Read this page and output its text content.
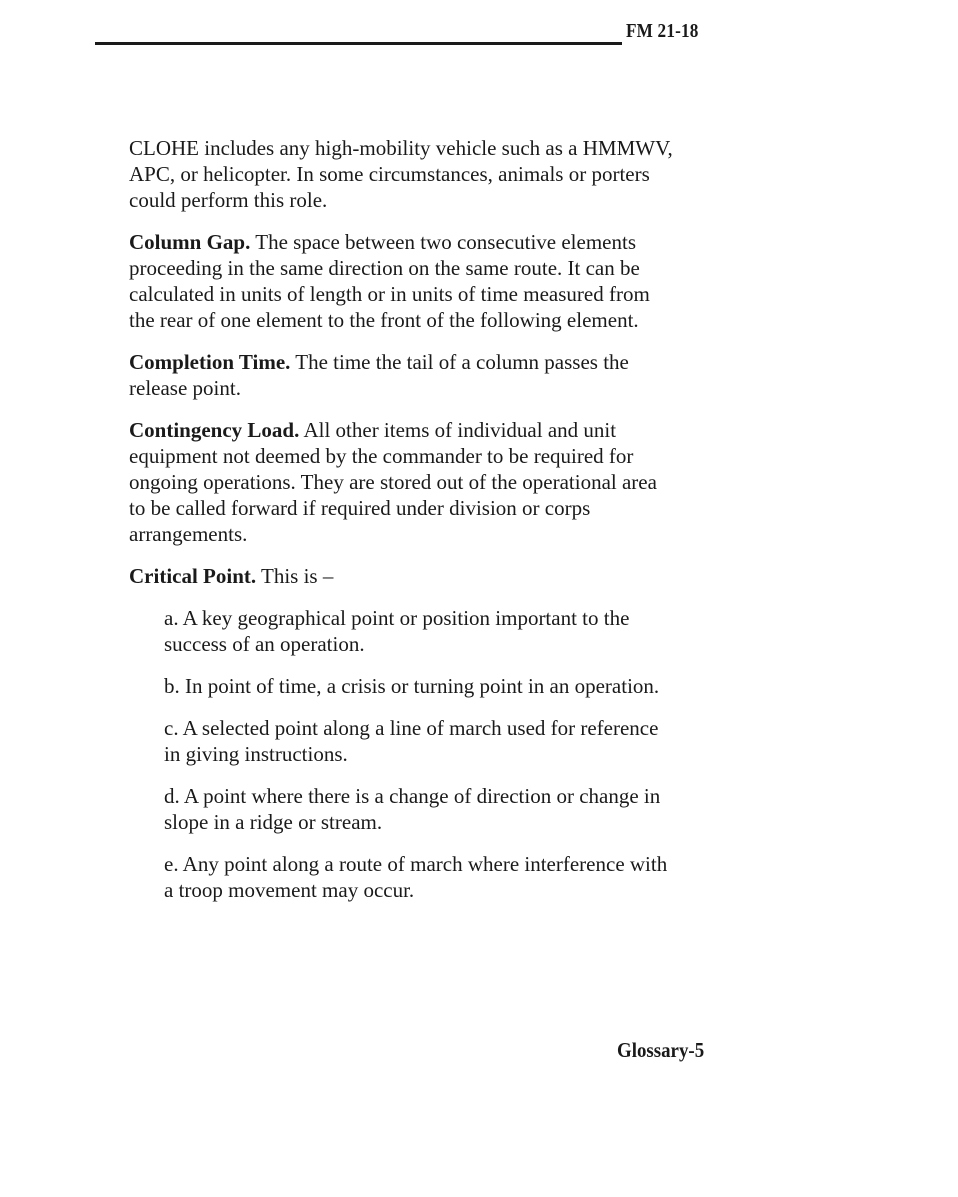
FM 21-18

CLOHE includes any high-mobility vehicle such as a HMMWV, APC, or helicopter. In some circumstances, animals or porters could perform this role.

Column Gap. The space between two consecutive elements proceeding in the same direction on the same route. It can be calculated in units of length or in units of time measured from the rear of one element to the front of the following element.

Completion Time. The time the tail of a column passes the release point.

Contingency Load. All other items of individual and unit equipment not deemed by the commander to be required for ongoing operations. They are stored out of the operational area to be called forward if required under division or corps arrangements.

Critical Point. This is –

a. A key geographical point or position important to the success of an operation.

b. In point of time, a crisis or turning point in an operation.

c. A selected point along a line of march used for reference in giving instructions.

d. A point where there is a change of direction or change in slope in a ridge or stream.

e. Any point along a route of march where interference with a troop movement may occur.

Glossary-5
